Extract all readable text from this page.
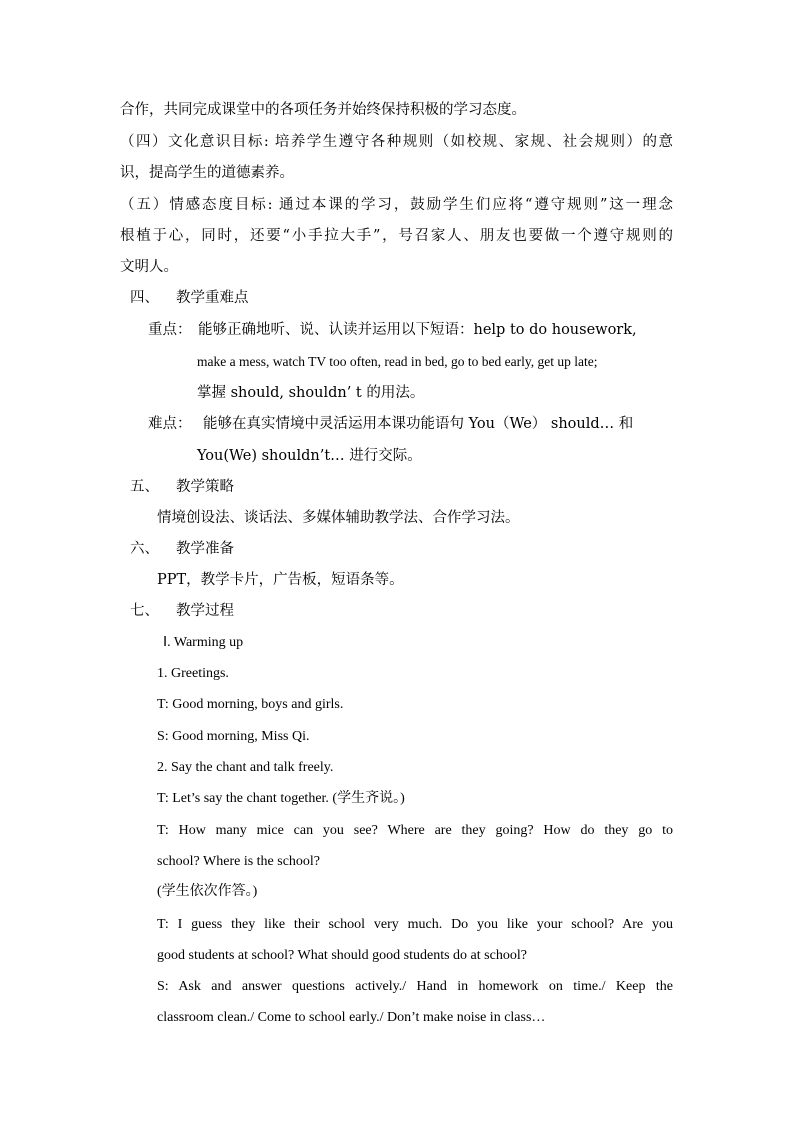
合作，共同完成课堂中的各项任务并始终保持积极的学习态度。
（四）文化意识目标: 培养学生遵守各种规则（如校规、家规、社会规则）的意
识，提高学生的道德素养。
（五）情感态度目标: 通过本课的学习，鼓励学生们应将“遵守规则”这一理念
根植于心，同时，还要“小手拉大手”，号召家人、朋友也要做一个遵守规则的
文明人。
四、 教学重难点
重点： 能够正确地听、说、认读并运用以下短语：help to do housework,
make a mess, watch TV too often, read in bed, go to bed early, get up late;
掌握 should, shouldn’ t 的用法。
难点： 能够在真实情境中灵活运用本课功能语句 You（We） should… 和
You(We) shouldn’t… 进行交际。
五、 教学策略
情境创设法、谈话法、多媒体辅助教学法、合作学习法。
六、 教学准备
PPT，教学卡片，广告板，短语条等。
七、 教学过程
Ⅰ. Warming up
1. Greetings.
T: Good morning, boys and girls.
S: Good morning, Miss Qi.
2. Say the chant and talk freely.
T: Let’s say the chant together. (学生齐说。)
T: How many mice can you see? Where are they going? How do they go to
school? Where is the school?
(学生依次作答。)
T: I guess they like their school very much. Do you like your school? Are you
good students at school? What should good students do at school?
S: Ask and answer questions actively./ Hand in homework on time./ Keep the
classroom clean./ Come to school early./ Don’t make noise in class…
